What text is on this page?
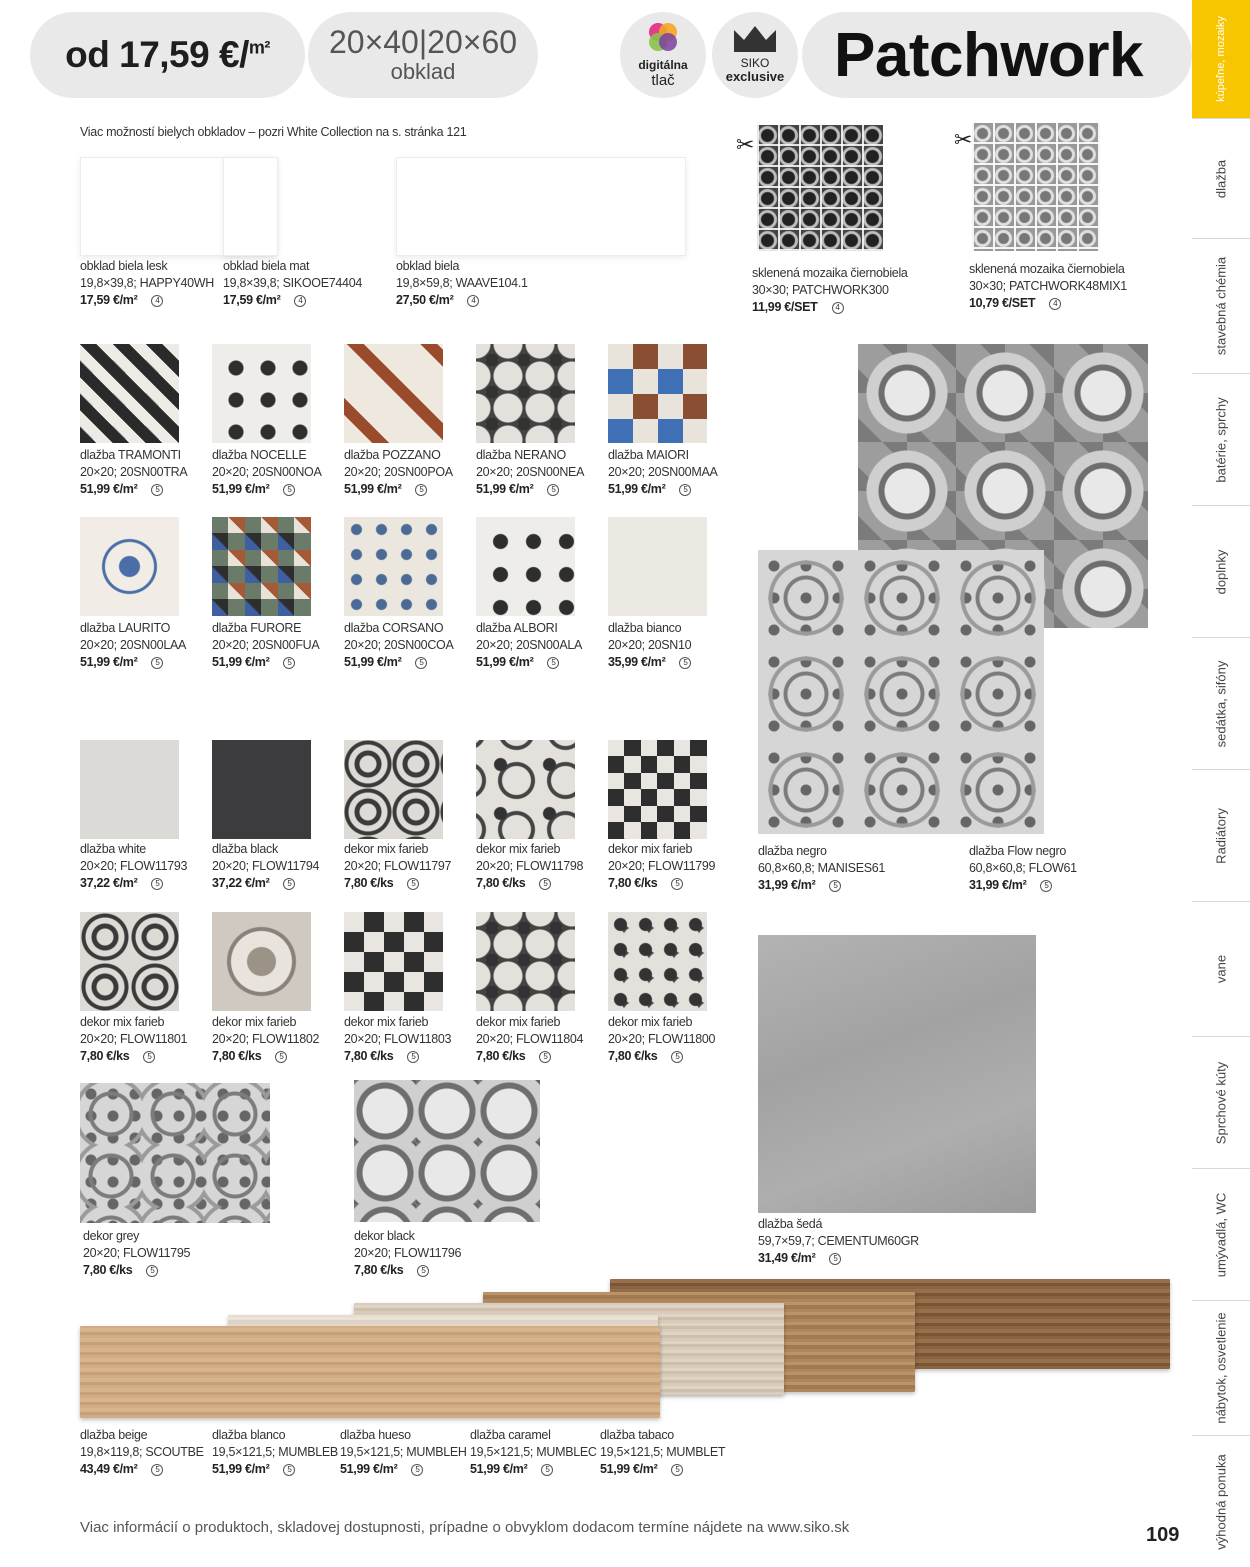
od 17,59 €/$^{m^2}$	20×40|20×60
obklad	digitálna
tlač
SIKO
exclusive Patchwork	kúpeľne, mozaiky
dlažba
stavebná chémia
batérie, sprchy
doplnky
sedátka, sifóny
Radiátory
vane
Sprchové kúty
umývadlá, WC
nábytok, osvetlenie
výhodná ponuka
Viac možností bielych obkladov – pozri White Collection na s. stránka 121	✂	✂
obklad biela lesk
19,8×39,8; HAPPY40WH
17,59 €/m² 4
obklad biela mat
19,8×39,8; SIKOOE74404
17,59 €/m² 4
obklad biela
19,8×59,8; WAAVE104.1
27,50 €/m² 4
sklenená mozaika čiernobiela
30×30; PATCHWORK300
11,99 €/SET 4
sklenená mozaika čiernobiela
30×30; PATCHWORK48MIX1
10,79 €/SET 4
dlažba TRAMONTI
20×20; 20SN00TRA
51,99 €/m² 5
dlažba NOCELLE
20×20; 20SN00NOA
51,99 €/m² 5
dlažba POZZANO
20×20; 20SN00POA
51,99 €/m² 5
dlažba NERANO
20×20; 20SN00NEA
51,99 €/m² 5
dlažba MAIORI
20×20; 20SN00MAA
51,99 €/m² 5
dlažba LAURITO
20×20; 20SN00LAA
51,99 €/m² 5
dlažba FURORE
20×20; 20SN00FUA
51,99 €/m² 5
dlažba CORSANO
20×20; 20SN00COA
51,99 €/m² 5
dlažba ALBORI
20×20; 20SN00ALA
51,99 €/m² 5
dlažba bianco
20×20; 20SN10
35,99 €/m² 5
dlažba white
20×20; FLOW11793
37,22 €/m² 5
dlažba black
20×20; FLOW11794
37,22 €/m² 5
dekor mix farieb
20×20; FLOW11797
7,80 €/ks 5
dekor mix farieb
20×20; FLOW11798
7,80 €/ks 5
dekor mix farieb
20×20; FLOW11799
7,80 €/ks 5
dlažba negro
60,8×60,8; MANISES61
31,99 €/m² 5
dlažba Flow negro
60,8×60,8; FLOW61
31,99 €/m² 5
dekor mix farieb
20×20; FLOW11801
7,80 €/ks 5
dekor mix farieb
20×20; FLOW11802
7,80 €/ks 5
dekor mix farieb
20×20; FLOW11803
7,80 €/ks 5
dekor mix farieb
20×20; FLOW11804
7,80 €/ks 5
dekor mix farieb
20×20; FLOW11800
7,80 €/ks 5
dekor grey
20×20; FLOW11795
7,80 €/ks 5
dekor black
20×20; FLOW11796
7,80 €/ks 5
dlažba šedá
59,7×59,7; CEMENTUM60GR
31,49 €/m² 5
dlažba beige
19,8×119,8; SCOUTBE
43,49 €/m² 5
dlažba blanco
19,5×121,5; MUMBLEB
51,99 €/m² 5
dlažba hueso
19,5×121,5; MUMBLEH
51,99 €/m² 5
dlažba caramel
19,5×121,5; MUMBLEC
51,99 €/m² 5
dlažba tabaco
19,5×121,5; MUMBLET
51,99 €/m² 5
Viac informácií o produktoch, skladovej dostupnosti, prípadne o obvyklom dodacom termíne nájdete na www.siko.sk	109
